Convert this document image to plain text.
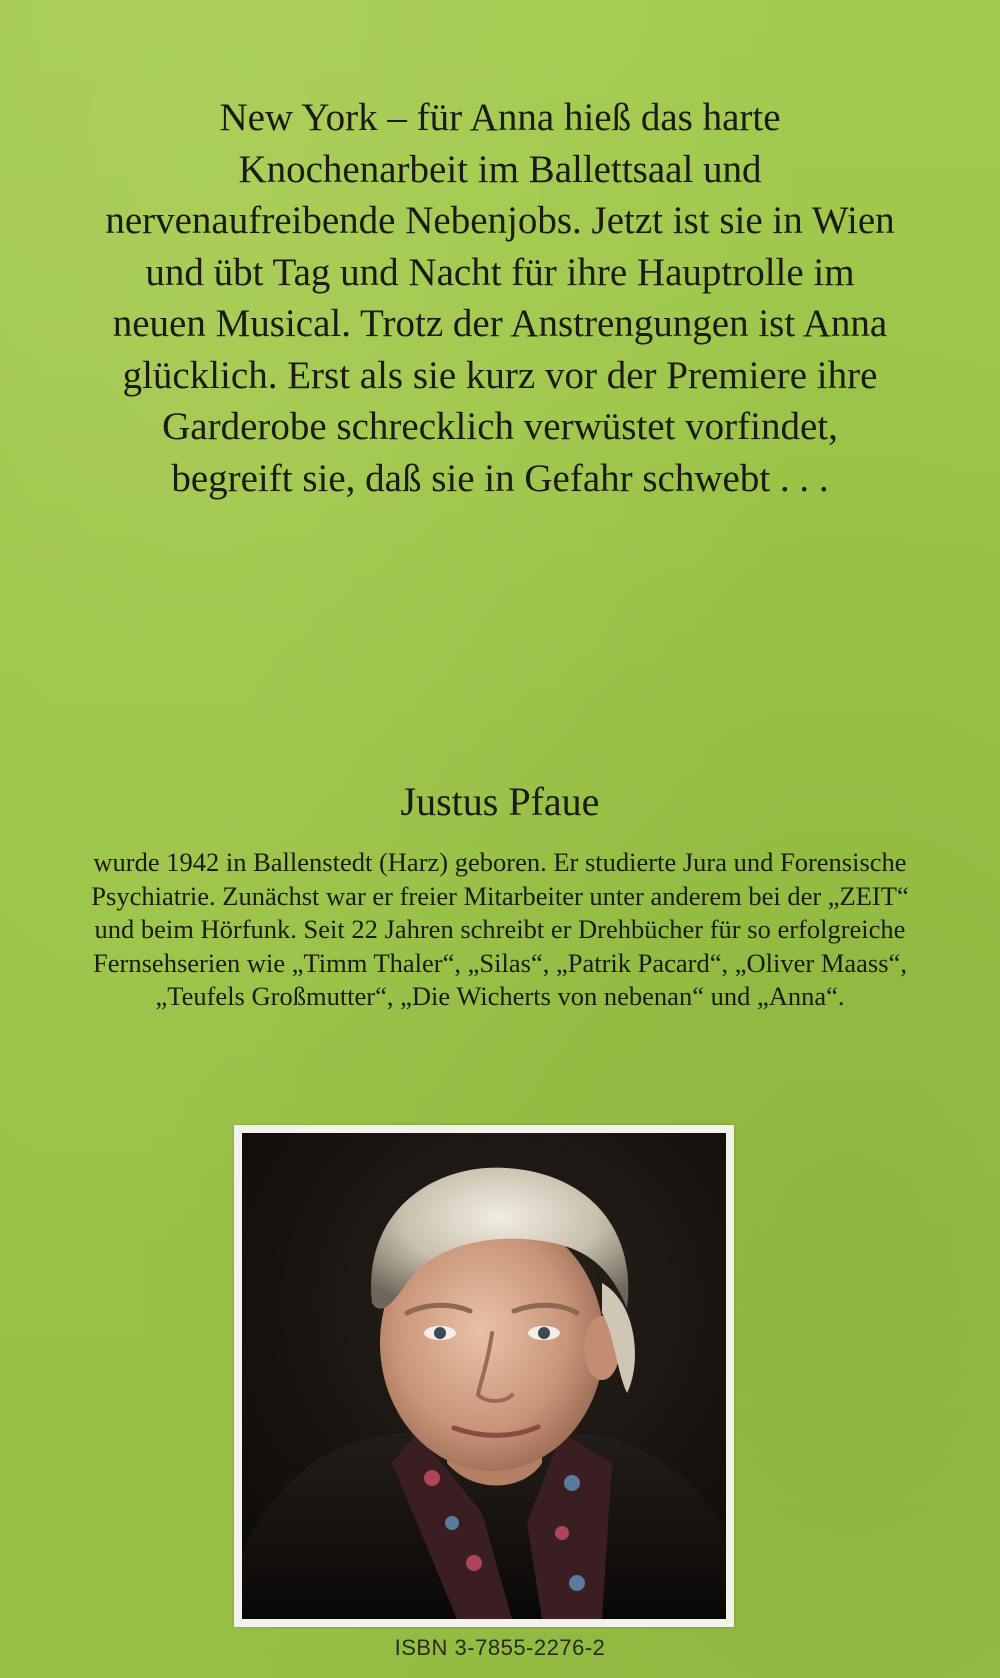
New York – für Anna hieß das harte Knochenarbeit im Ballettsaal und nervenaufreibende Nebenjobs. Jetzt ist sie in Wien und übt Tag und Nacht für ihre Hauptrolle im neuen Musical. Trotz der Anstrengungen ist Anna glücklich. Erst als sie kurz vor der Premiere ihre Garderobe schrecklich verwüstet vorfindet, begreift sie, daß sie in Gefahr schwebt . . .

Justus Pfaue

wurde 1942 in Ballenstedt (Harz) geboren. Er studierte Jura und Forensische Psychiatrie. Zunächst war er freier Mitarbeiter unter anderem bei der „ZEIT“ und beim Hörfunk. Seit 22 Jahren schreibt er Drehbücher für so erfolgreiche Fernsehserien wie „Timm Thaler“, „Silas“, „Patrik Pacard“, „Oliver Maass“, „Teufels Großmutter“, „Die Wicherts von nebenan“ und „Anna“.

ISBN 3-7855-2276-2
